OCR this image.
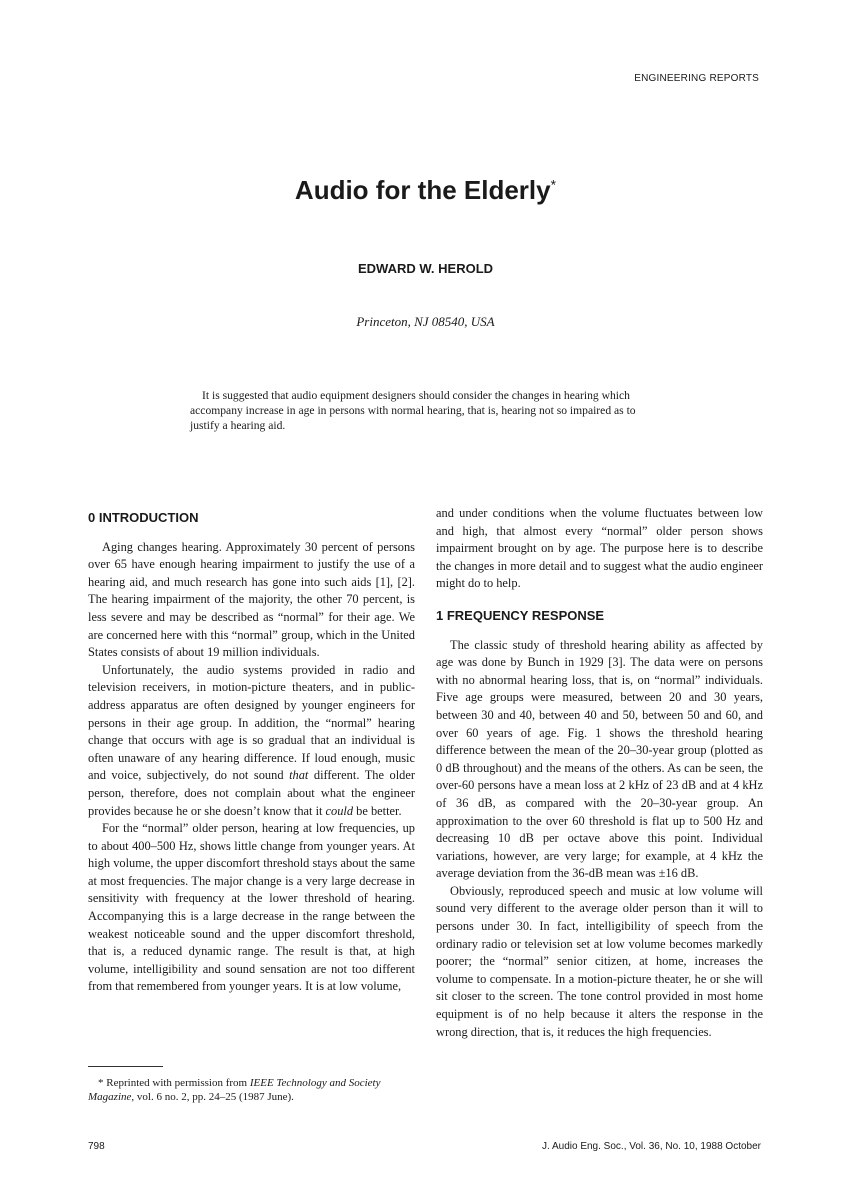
ENGINEERING REPORTS
Audio for the Elderly*
EDWARD W. HEROLD
Princeton, NJ 08540, USA

It is suggested that audio equipment designers should consider the changes in hearing which accompany increase in age in persons with normal hearing, that is, hearing not so impaired as to justify a hearing aid.

0 INTRODUCTION

Aging changes hearing. Approximately 30 percent of persons over 65 have enough hearing impairment to justify the use of a hearing aid, and much research has gone into such aids [1], [2]. The hearing impairment of the majority, the other 70 percent, is less severe and may be described as “normal” for their age. We are concerned here with this “normal” group, which in the United States consists of about 19 million individuals.

Unfortunately, the audio systems provided in radio and television receivers, in motion-picture theaters, and in public-address apparatus are often designed by younger engineers for persons in their age group. In addition, the “normal” hearing change that occurs with age is so gradual that an individual is often unaware of any hearing difference. If loud enough, music and voice, subjectively, do not sound that different. The older person, therefore, does not complain about what the engineer provides because he or she doesn’t know that it could be better.

For the “normal” older person, hearing at low frequencies, up to about 400–500 Hz, shows little change from younger years. At high volume, the upper discomfort threshold stays about the same at most frequencies. The major change is a very large decrease in sensitivity with frequency at the lower threshold of hearing. Accompanying this is a large decrease in the range between the weakest noticeable sound and the upper discomfort threshold, that is, a reduced dynamic range. The result is that, at high volume, intelligibility and sound sensation are not too different from that remembered from younger years. It is at low volume,

and under conditions when the volume fluctuates between low and high, that almost every “normal” older person shows impairment brought on by age. The purpose here is to describe the changes in more detail and to suggest what the audio engineer might do to help.

1 FREQUENCY RESPONSE

The classic study of threshold hearing ability as affected by age was done by Bunch in 1929 [3]. The data were on persons with no abnormal hearing loss, that is, on “normal” individuals. Five age groups were measured, between 20 and 30 years, between 30 and 40, between 40 and 50, between 50 and 60, and over 60 years of age. Fig. 1 shows the threshold hearing difference between the mean of the 20–30-year group (plotted as 0 dB throughout) and the means of the others. As can be seen, the over-60 persons have a mean loss at 2 kHz of 23 dB and at 4 kHz of 36 dB, as compared with the 20–30-year group. An approximation to the over 60 threshold is flat up to 500 Hz and decreasing 10 dB per octave above this point. Individual variations, however, are very large; for example, at 4 kHz the average deviation from the 36-dB mean was ±16 dB.

Obviously, reproduced speech and music at low volume will sound very different to the average older person than it will to persons under 30. In fact, intelligibility of speech from the ordinary radio or television set at low volume becomes markedly poorer; the “normal” senior citizen, at home, increases the volume to compensate. In a motion-picture theater, he or she will sit closer to the screen. The tone control provided in most home equipment is of no help because it alters the response in the wrong direction, that is, it reduces the high frequencies.

* Reprinted with permission from IEEE Technology and Society Magazine, vol. 6 no. 2, pp. 24–25 (1987 June).

798	J. Audio Eng. Soc., Vol. 36, No. 10, 1988 October
